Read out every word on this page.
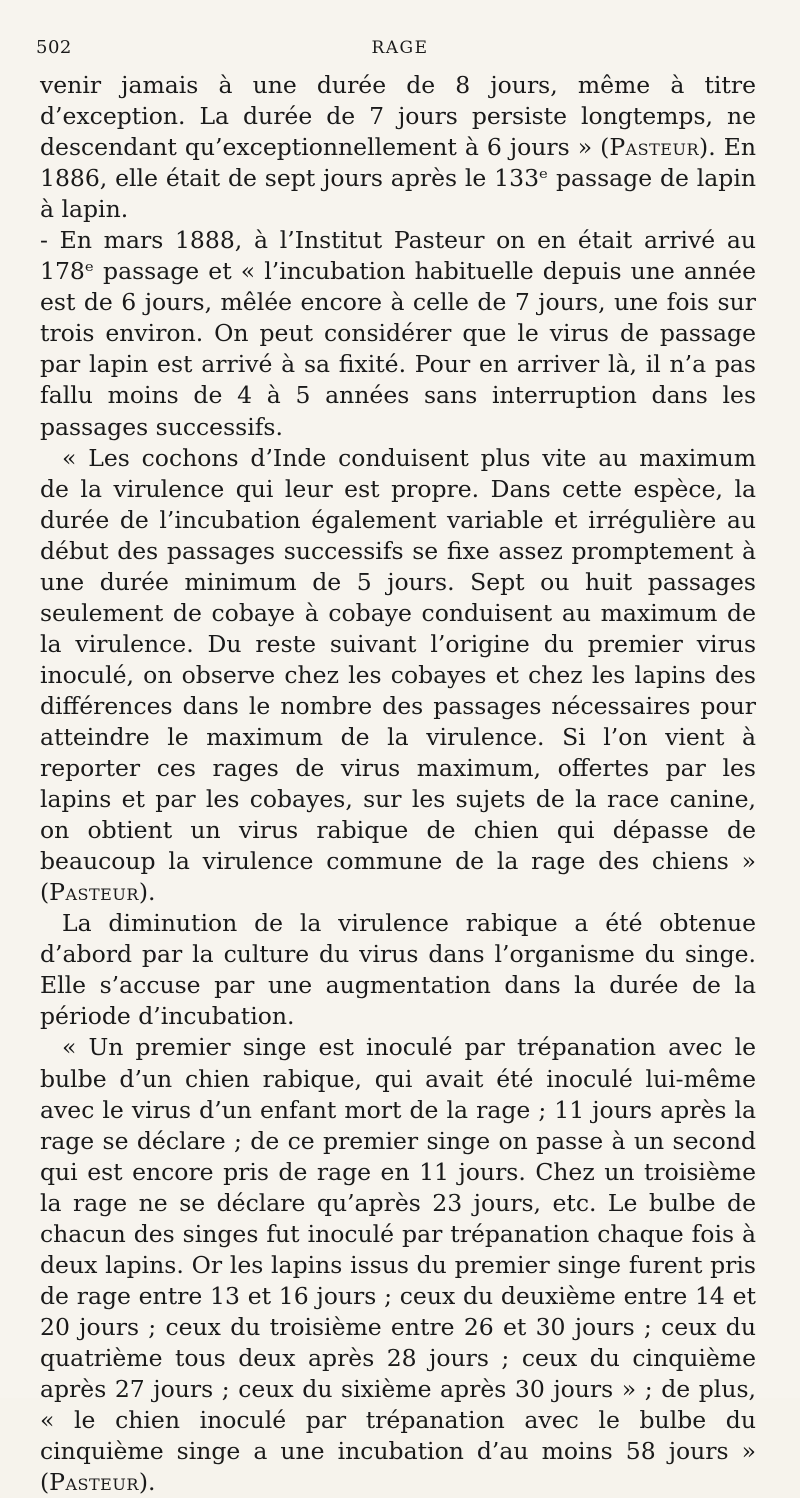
502	RAGE

venir jamais à une durée de 8 jours, même à titre d’exception. La durée de 7 jours persiste longtemps, ne descendant qu’exceptionnellement à 6 jours » (Pasteur). En 1886, elle était de sept jours après le 133ᵉ passage de lapin à lapin.

- En mars 1888, à l’Institut Pasteur on en était arrivé au 178ᵉ passage et « l’incubation habituelle depuis une année est de 6 jours, mêlée encore à celle de 7 jours, une fois sur trois environ. On peut considérer que le virus de passage par lapin est arrivé à sa fixité. Pour en arriver là, il n’a pas fallu moins de 4 à 5 années sans interruption dans les passages successifs.

« Les cochons d’Inde conduisent plus vite au maximum de la virulence qui leur est propre. Dans cette espèce, la durée de l’incubation également variable et irrégulière au début des passages successifs se fixe assez promptement à une durée minimum de 5 jours. Sept ou huit passages seulement de cobaye à cobaye conduisent au maximum de la virulence. Du reste suivant l’origine du premier virus inoculé, on observe chez les cobayes et chez les lapins des différences dans le nombre des passages nécessaires pour atteindre le maximum de la virulence. Si l’on vient à reporter ces rages de virus maximum, offertes par les lapins et par les cobayes, sur les sujets de la race canine, on obtient un virus rabique de chien qui dépasse de beaucoup la virulence commune de la rage des chiens » (Pasteur).

La diminution de la virulence rabique a été obtenue d’abord par la culture du virus dans l’organisme du singe. Elle s’accuse par une augmentation dans la durée de la période d’incubation.

« Un premier singe est inoculé par trépanation avec le bulbe d’un chien rabique, qui avait été inoculé lui-même avec le virus d’un enfant mort de la rage ; 11 jours après la rage se déclare ; de ce premier singe on passe à un second qui est encore pris de rage en 11 jours. Chez un troisième la rage ne se déclare qu’après 23 jours, etc. Le bulbe de chacun des singes fut inoculé par trépanation chaque fois à deux lapins. Or les lapins issus du premier singe furent pris de rage entre 13 et 16 jours ; ceux du deuxième entre 14 et 20 jours ; ceux du troisième entre 26 et 30 jours ; ceux du quatrième tous deux après 28 jours ; ceux du cinquième après 27 jours ; ceux du sixième après 30 jours » ; de plus, « le chien inoculé par trépanation avec le bulbe du cinquième singe a une incubation d’au moins 58 jours » (Pasteur).
